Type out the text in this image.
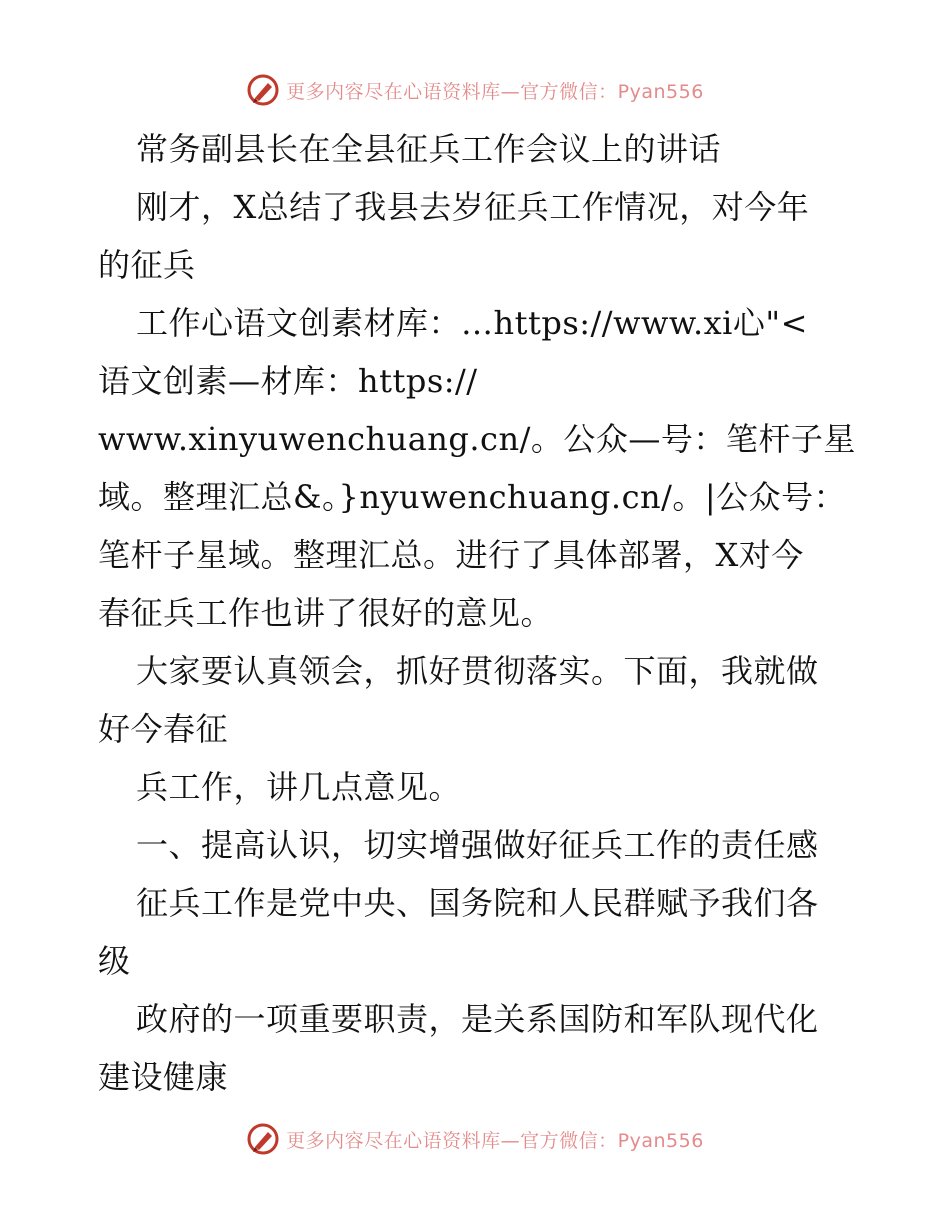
更多内容尽在心语资料库—官方微信：Pyan556
常务副县长在全县征兵工作会议上的讲话
刚才，X总结了我县去岁征兵工作情况，对今年
的征兵
工作心语文创素材库：…https://www.xi心"<
语文创素—材库：https://
www.xinyuwenchuang.cn/。公众—号：笔杆子星
域。整理汇总&。}nyuwenchuang.cn/。|公众号：
笔杆子星域。整理汇总。进行了具体部署，X对今
春征兵工作也讲了很好的意见。
大家要认真领会，抓好贯彻落实。下面，我就做
好今春征
兵工作，讲几点意见。
一、提高认识，切实增强做好征兵工作的责任感
征兵工作是党中央、国务院和人民群赋予我们各
级
政府的一项重要职责，是关系国防和军队现代化
建设健康
更多内容尽在心语资料库—官方微信：Pyan556
